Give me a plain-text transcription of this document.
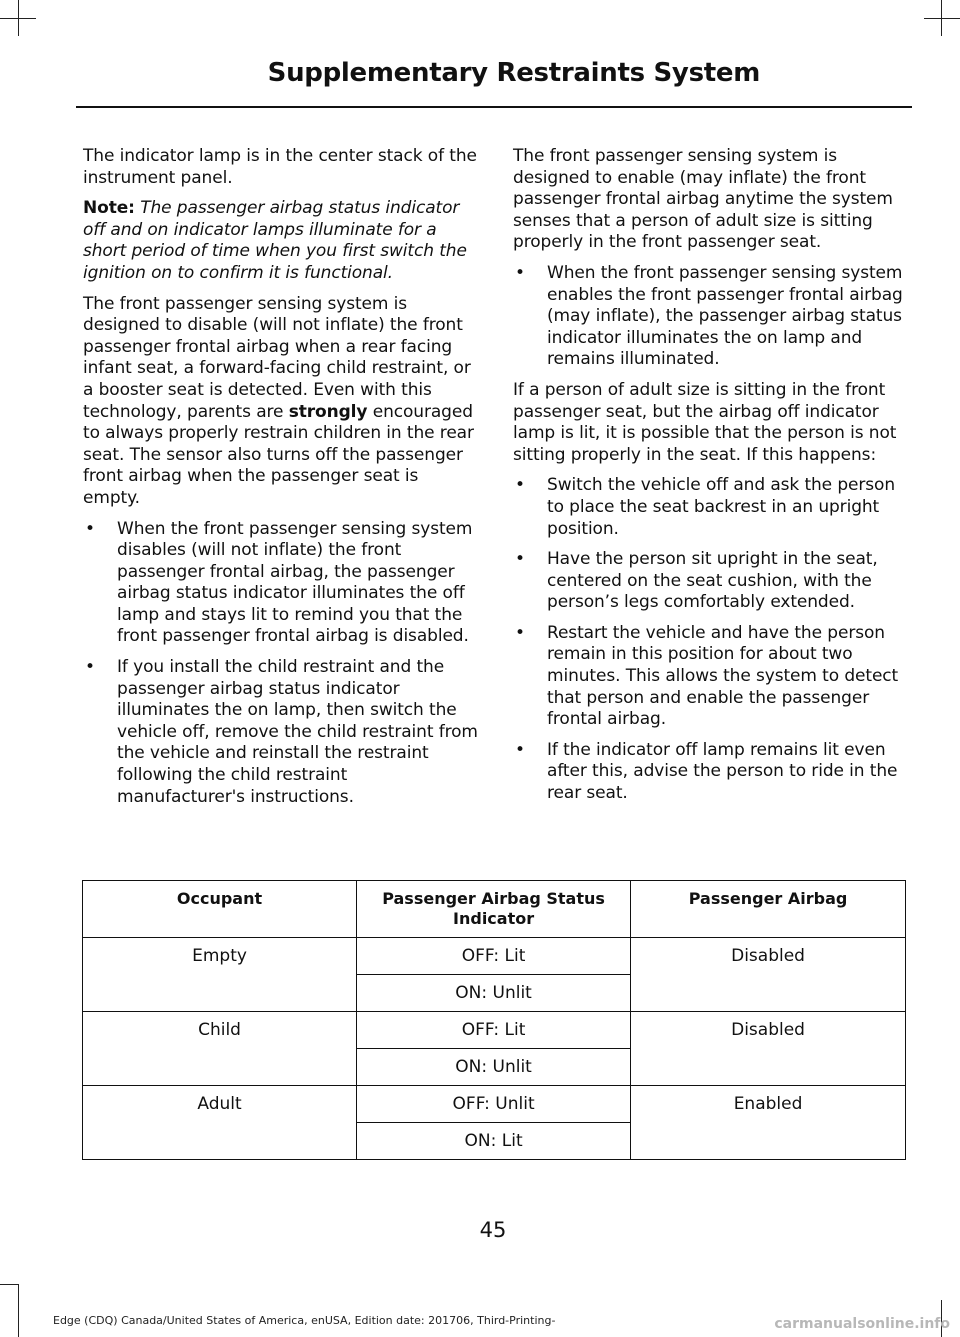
Supplementary Restraints System

The indicator lamp is in the center stack of the instrument panel.

Note: The passenger airbag status indicator off and on indicator lamps illuminate for a short period of time when you first switch the ignition on to confirm it is functional.

The front passenger sensing system is designed to disable (will not inflate) the front passenger frontal airbag when a rear facing infant seat, a forward-facing child restraint, or a booster seat is detected. Even with this technology, parents are strongly encouraged to always properly restrain children in the rear seat. The sensor also turns off the passenger front airbag when the passenger seat is empty.

• When the front passenger sensing system disables (will not inflate) the front passenger frontal airbag, the passenger airbag status indicator illuminates the off lamp and stays lit to remind you that the front passenger frontal airbag is disabled.
• If you install the child restraint and the passenger airbag status indicator illuminates the on lamp, then switch the vehicle off, remove the child restraint from the vehicle and reinstall the restraint following the child restraint manufacturer's instructions.

The front passenger sensing system is designed to enable (may inflate) the front passenger frontal airbag anytime the system senses that a person of adult size is sitting properly in the front passenger seat.

• When the front passenger sensing system enables the front passenger frontal airbag (may inflate), the passenger airbag status indicator illuminates the on lamp and remains illuminated.

If a person of adult size is sitting in the front passenger seat, but the airbag off indicator lamp is lit, it is possible that the person is not sitting properly in the seat. If this happens:

• Switch the vehicle off and ask the person to place the seat backrest in an upright position.
• Have the person sit upright in the seat, centered on the seat cushion, with the person’s legs comfortably extended.
• Restart the vehicle and have the person remain in this position for about two minutes. This allows the system to detect that person and enable the passenger frontal airbag.
• If the indicator off lamp remains lit even after this, advise the person to ride in the rear seat.
Occupant	Passenger Airbag Status Indicator	Passenger Airbag
Empty	OFF: Lit	Disabled
	ON: Unlit	
Child	OFF: Lit	Disabled
	ON: Unlit	
Adult	OFF: Unlit	Enabled
	ON: Lit	
45
Edge (CDQ) Canada/United States of America, enUSA, Edition date: 201706, Third-Printing-	carmanualsonline.info
